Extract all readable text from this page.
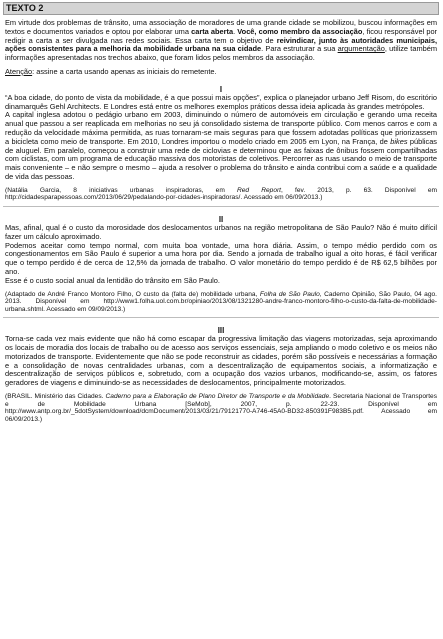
TEXTO 2

Em virtude dos problemas de trânsito, uma associação de moradores de uma grande cidade se mobilizou, buscou informações em textos e documentos variados e optou por elaborar uma carta aberta. Você, como membro da associação, ficou responsável por redigir a carta a ser divulgada nas redes sociais. Essa carta tem o objetivo de reivindicar, junto às autoridades municipais, ações consistentes para a melhoria da mobilidade urbana na sua cidade. Para estruturar a sua argumentação, utilize também informações apresentadas nos trechos abaixo, que foram lidos pelos membros da associação.

Atenção: assine a carta usando apenas as iniciais do remetente.

I

“A boa cidade, do ponto de vista da mobilidade, é a que possui mais opções”, explica o planejador urbano Jeff Risom, do escritório dinamarquês Gehl Architects. E Londres está entre os melhores exemplos práticos dessa ideia aplicada às grandes metrópoles.

A capital inglesa adotou o pedágio urbano em 2003, diminuindo o número de automóveis em circulação e gerando uma receita anual que passou a ser reaplicada em melhorias no seu já consolidado sistema de transporte público. Com menos carros e com a redução da velocidade máxima permitida, as ruas tornaram-se mais seguras para que fossem adotadas políticas que priorizassem a bicicleta como meio de transporte. Em 2010, Londres importou o modelo criado em 2005 em Lyon, na França, de bikes públicas de aluguel. Em paralelo, começou a construir uma rede de ciclovias e determinou que as faixas de ônibus fossem compartilhadas com ciclistas, com um programa de educação massiva dos motoristas de coletivos. Percorrer as ruas usando o meio de transporte mais conveniente – e não sempre o mesmo – ajuda a resolver o problema do trânsito e ainda contribui com a saúde e a qualidade de vida das pessoas.

(Natália Garcia, 8 iniciativas urbanas inspiradoras, em Red Report, fev. 2013, p. 63. Disponível em http://cidadesparapessoas.com/2013/06/29/pedalando-por-cidades-inspiradoras/. Acessado em 06/09/2013.)

II

Mas, afinal, qual é o custo da morosidade dos deslocamentos urbanos na região metropolitana de São Paulo? Não é muito difícil fazer um cálculo aproximado.

Podemos aceitar como tempo normal, com muita boa vontade, uma hora diária. Assim, o tempo médio perdido com os congestionamentos em São Paulo é superior a uma hora por dia. Sendo a jornada de trabalho igual a oito horas, é fácil verificar que o tempo perdido é de cerca de 12,5% da jornada de trabalho. O valor monetário do tempo perdido é de R$ 62,5 bilhões por ano.

Esse é o custo social anual da lentidão do trânsito em São Paulo.

(Adaptado de André Franco Montoro Filho, O custo da (falta de) mobilidade urbana, Folha de São Paulo, Caderno Opinião, São Paulo, 04 ago. 2013. Disponível em http://www1.folha.uol.com.br/opiniao/2013/08/1321280-andre-franco-montoro-filho-o-custo-da-falta-de-mobilidade-urbana.shtml. Acessado em 09/09/2013.)

III

Torna-se cada vez mais evidente que não há como escapar da progressiva limitação das viagens motorizadas, seja aproximando os locais de moradia dos locais de trabalho ou de acesso aos serviços essenciais, seja ampliando o modo coletivo e os meios não motorizados de transporte. Evidentemente que não se pode reconstruir as cidades, porém são possíveis e necessárias a formação e a consolidação de novas centralidades urbanas, com a descentralização de equipamentos sociais, a informatização e descentralização de serviços públicos e, sobretudo, com a ocupação dos vazios urbanos, modificando-se, assim, os fatores geradores de viagens e diminuindo-se as necessidades de deslocamentos, principalmente motorizados.

(BRASIL. Ministério das Cidades. Caderno para a Elaboração de Plano Diretor de Transporte e da Mobilidade. Secretaria Nacional de Transportes e de Mobilidade Urbana [SeMob], 2007, p. 22-23. Disponível em http://www.antp.org.br/_5dotSystem/download/dcmDocument/2013/03/21/79121770-A746-45A0-BD32-850391F983B5.pdf. Acessado em 06/09/2013.)
